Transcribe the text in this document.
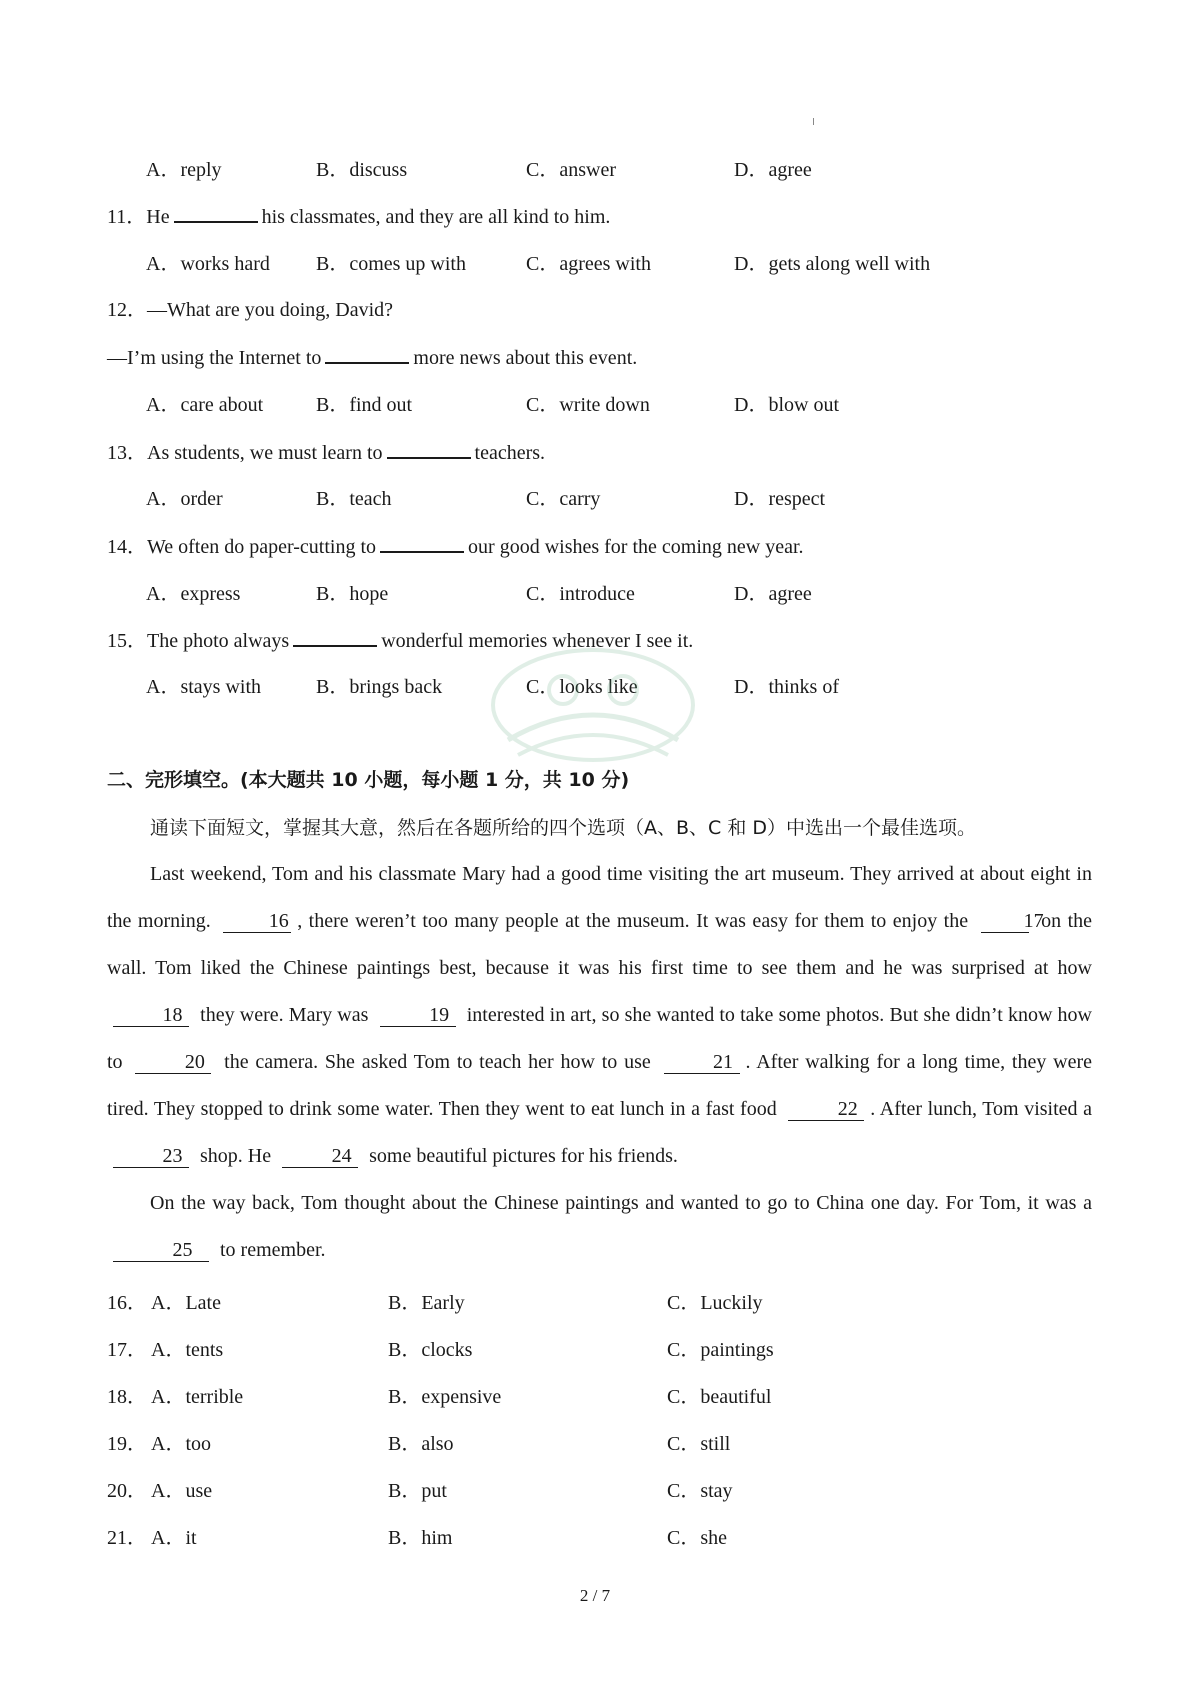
A．reply	B．discuss	C．answer	D．agree
11．He	his classmates, and they are all kind to him.
A．works hard B．comes up with	C．agrees with	D．gets along well with
12．—What are you doing, David?
—I’m using the Internet to	more news about this event.
A．care about	B．find out	C．write down	D．blow out
13．As students, we must learn to	teachers.
A．order	B．teach	C．carry	D．respect
14．We often do paper-cutting to	our good wishes for the coming new year.
A．express	B．hope	C．introduce	D．agree
15．The photo always	wonderful memories whenever I see it.
A．stays with	B．brings back	C．looks like	D．thinks of
二、完形填空。(本大题共 10 小题，每小题 1 分，共 10 分)
通读下面短文，掌握其大意，然后在各题所给的四个选项（A、B、C 和 D）中选出一个最佳选项。
Last weekend, Tom and his classmate Mary had a good time visiting the art museum. They arrived at about eight in the morning.	16 , there weren’t too many people at the museum. It was easy for them to enjoy the	17 on the wall. Tom liked the Chinese paintings best, because it was his first time to see them and he was surprised at how 18 they were. Mary was	19 interested in art, so she wanted to take some photos. But she didn’t know how to	20 the camera. She asked Tom to teach her how to use	21 . After walking for a long time, they were tired. They stopped to drink some water. Then they went to eat lunch in a fast food	22 . After lunch, Tom visited a 23 shop. He	24 some beautiful pictures for his friends.
On the way back, Tom thought about the Chinese paintings and wanted to go to China one day. For Tom, it was a 25 to remember.
16． A．Late	B．Early	C．Luckily
17． A．tents	B．clocks	C．paintings
18． A．terrible	B．expensive	C．beautiful
19． A．too	B．also	C．still
20． A．use	B．put	C．stay
21． A．it	B．him	C．she
2 / 7
